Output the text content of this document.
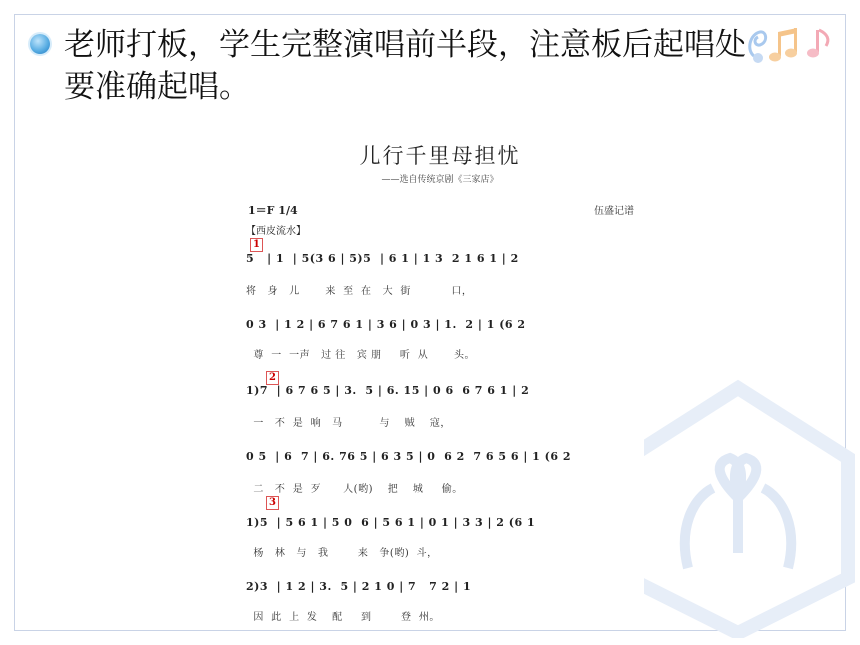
老师打板，学生完整演唱前半段，注意板后起唱处要准确起唱。
儿行千里母担忧
——选自传统京剧《三家店》
1＝F 1/4	伍盛记谱
【西皮流水】
1
5   | 1  | 5(3 6 | 5)5  | 6 1 | 1 3  2 1 6 1 | 2
将   身   儿       来  至  在   大  街           口，
0 3  | 1 2 | 6 7 6 1 | 3 6 | 0 3 | 1.  2 | 1 (6 2
尊  一  一声   过 往   宾 朋     听  从       头。
2
1)7  | 6 7 6 5 | 3.  5 | 6. 15 | 0 6  6 7 6 1 | 2
一   不  是  响   马          与    贼    寇，
0 5  | 6  7 | 6. 76 5 | 6 3 5 | 0  6 2  7 6 5 6 | 1 (6 2
二   不  是  歹      人(哟)    把    城     偷。
3
1)5  | 5 6 1 | 5 0  6 | 5 6 1 | 0 1 | 3 3 | 2 (6 1
杨   林   与   我        来   争(哟)  斗，
2)3  | 1 2 | 3.  5 | 2 1 0 | 7   7 2 | 1
因  此  上  发    配     到        登  州。
